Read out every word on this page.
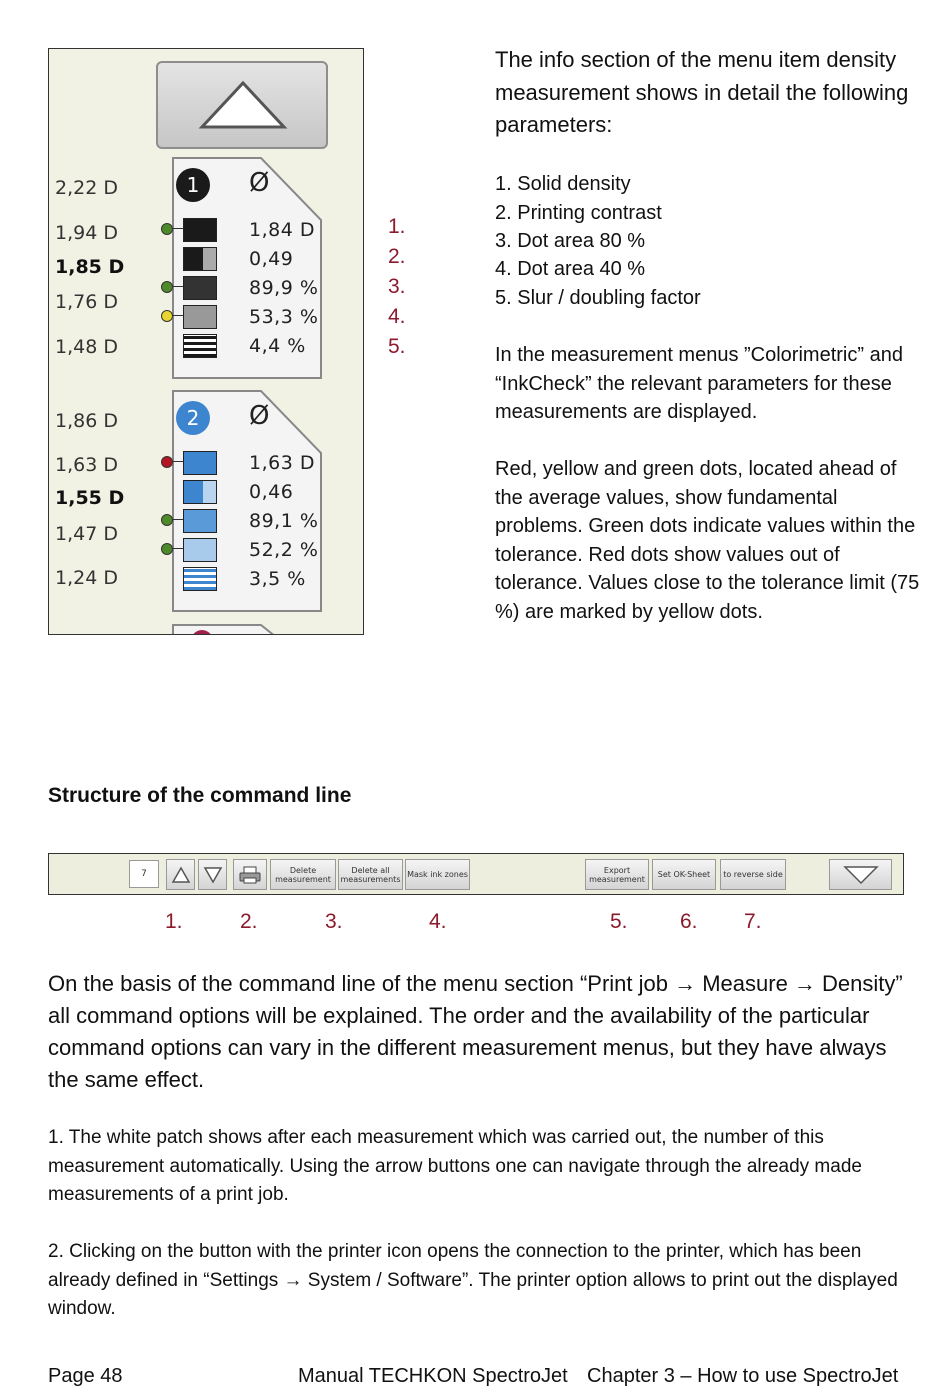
2,22 D
1,94 D
1,85 D
1,76 D
1,48 D
1,86 D
1,63 D
1,55 D
1,47 D
1,24 D
1	Ø
1,84 D
0,49
89,9 %
53,3 %
4,4 %
2	Ø
1,63 D
0,46
89,1 %
52,2 %
3,5 %
1.
2.
3.
4.
5.

The info section of the menu item density measurement shows in detail the following parameters:

1. Solid density

2. Printing contrast

3. Dot area 80 %

4. Dot area 40 %

5. Slur / doubling factor

In the measurement menus ”Colorimetric” and “InkCheck” the relevant parameters for these measurements are displayed.

Red, yellow and green dots, located ahead of the average values, show fundamental problems. Green dots indicate values within the tolerance. Red dots show values out of tolerance. Values close to the tolerance limit (75 %) are marked by yellow dots.

Structure of the command line
7	Delete measurement
Delete all measurements Mask ink zones	Export measurement	Set OK-Sheet	to reverse side
1.	2.	3.	4.	5. 6. 7.

On the basis of the command line of the menu section “Print job → Measure → Density” all command options will be explained. The order and the availability of the particular command options can vary in the different measurement menus, but they have always the same effect.

1. The white patch shows after each measurement which was carried out, the number of this measurement automatically. Using the arrow buttons one can navigate through the already made measurements of a print job.

2. Clicking on the button with the printer icon opens the connection to the printer, which has been already defined in “Settings → System / Software”. The printer option allows to print out the displayed window.

Page 48	Manual TECHKON SpectroJet Chapter 3 – How to use SpectroJet
